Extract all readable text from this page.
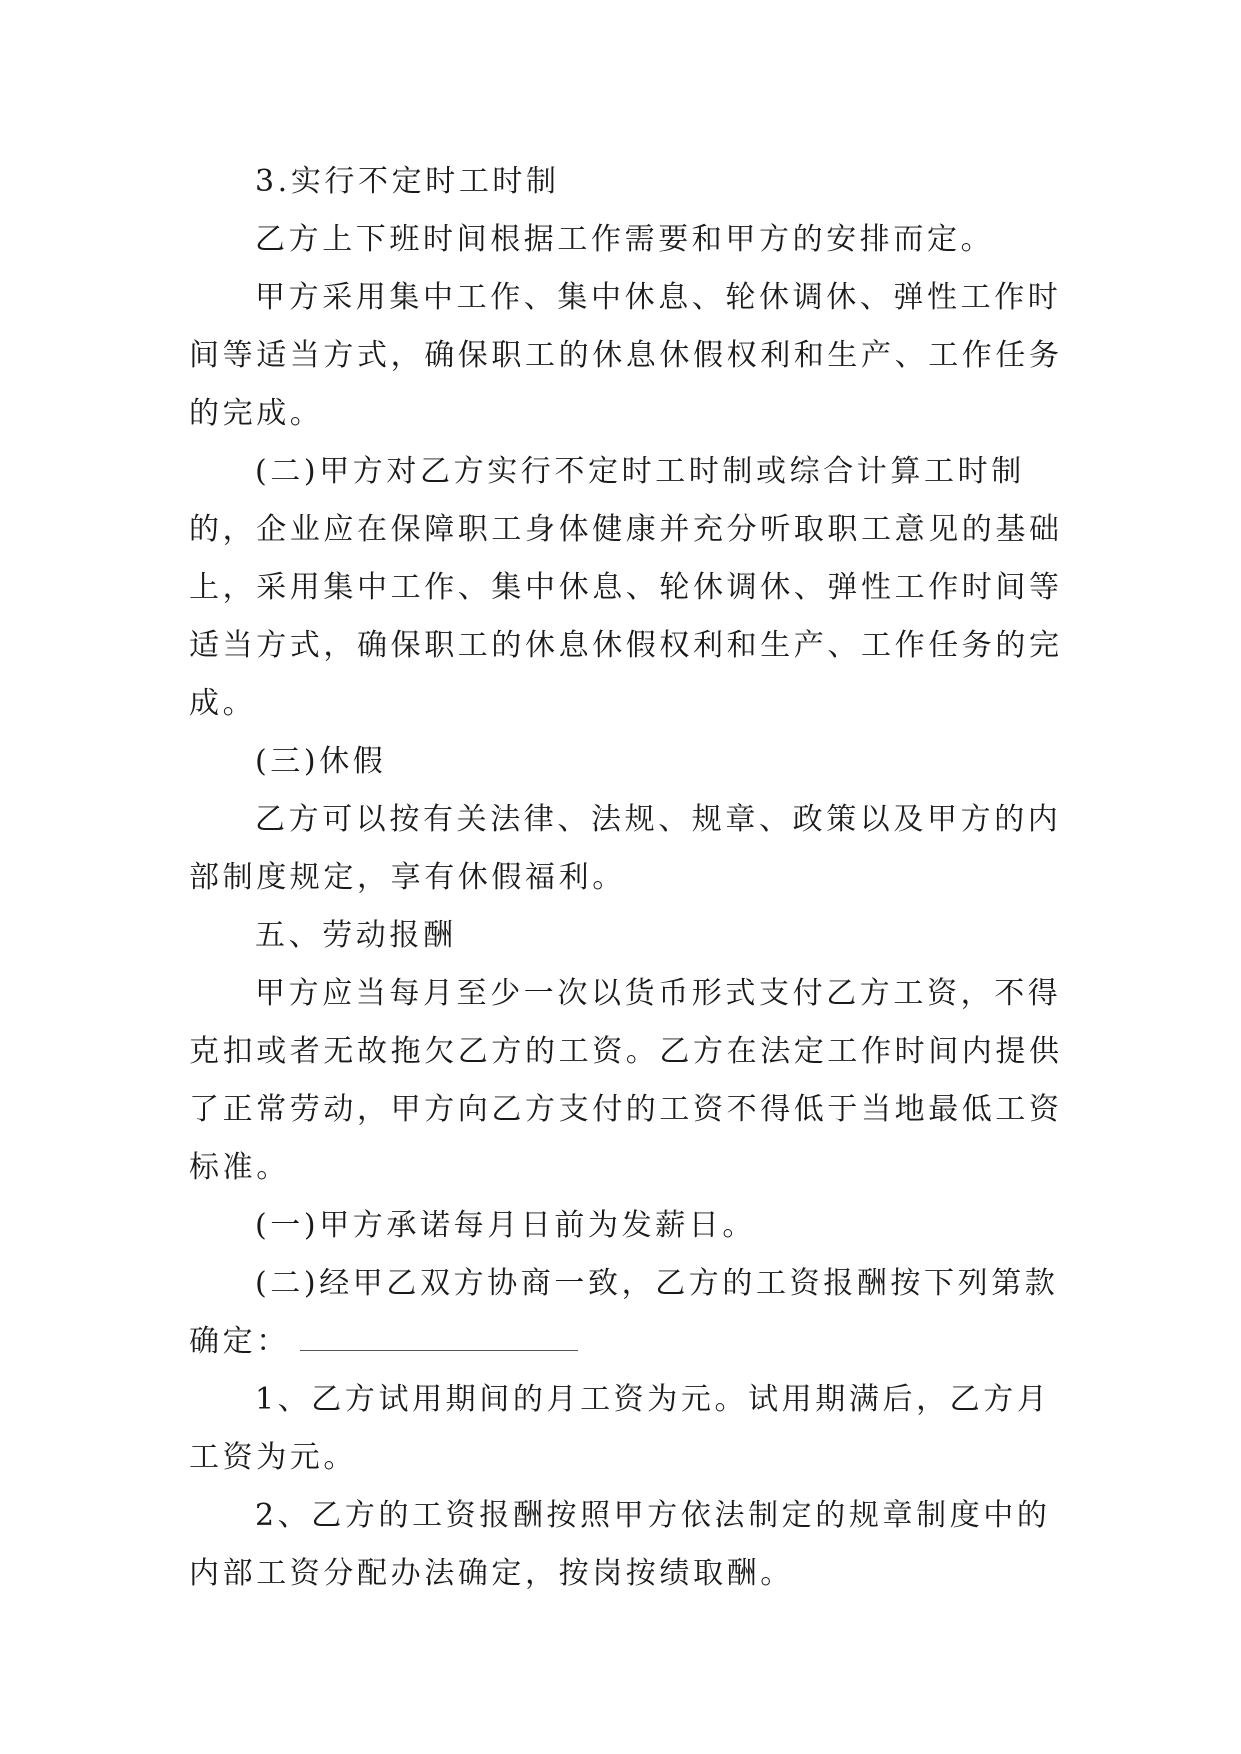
3.实行不定时工时制

乙方上下班时间根据工作需要和甲方的安排而定。

甲方采用集中工作、集中休息、轮休调休、弹性工作时间等适当方式，确保职工的休息休假权利和生产、工作任务的完成。

(二)甲方对乙方实行不定时工时制或综合计算工时制的，企业应在保障职工身体健康并充分听取职工意见的基础上，采用集中工作、集中休息、轮休调休、弹性工作时间等适当方式，确保职工的休息休假权利和生产、工作任务的完成。

(三)休假

乙方可以按有关法律、法规、规章、政策以及甲方的内部制度规定，享有休假福利。

五、劳动报酬

甲方应当每月至少一次以货币形式支付乙方工资，不得克扣或者无故拖欠乙方的工资。乙方在法定工作时间内提供了正常劳动，甲方向乙方支付的工资不得低于当地最低工资标准。

(一)甲方承诺每月日前为发薪日。

(二)经甲乙双方协商一致，乙方的工资报酬按下列第款确定：

1、乙方试用期间的月工资为元。试用期满后，乙方月工资为元。

2、乙方的工资报酬按照甲方依法制定的规章制度中的内部工资分配办法确定，按岗按绩取酬。
